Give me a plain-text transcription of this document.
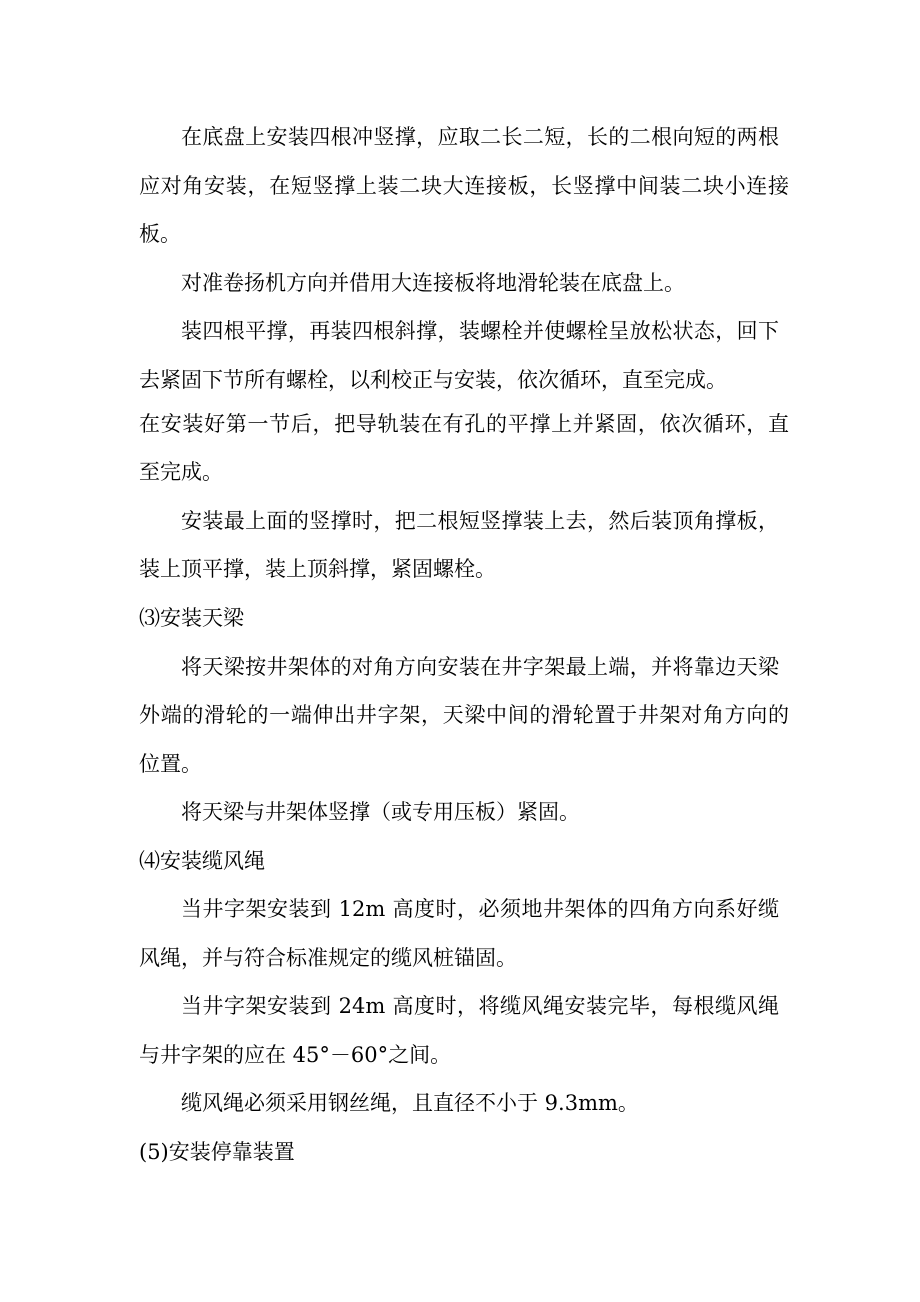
在底盘上安装四根冲竖撑，应取二长二短，长的二根向短的两根
应对角安装，在短竖撑上装二块大连接板，长竖撑中间装二块小连接
板。
对准卷扬机方向并借用大连接板将地滑轮装在底盘上。
装四根平撑，再装四根斜撑，装螺栓并使螺栓呈放松状态，回下
去紧固下节所有螺栓，以利校正与安装，依次循环，直至完成。
在安装好第一节后，把导轨装在有孔的平撑上并紧固，依次循环，直
至完成。
安装最上面的竖撑时，把二根短竖撑装上去，然后装顶角撑板，
装上顶平撑，装上顶斜撑，紧固螺栓。
⑶安装天梁
将天梁按井架体的对角方向安装在井字架最上端，并将靠边天梁
外端的滑轮的一端伸出井字架，天梁中间的滑轮置于井架对角方向的
位置。
将天梁与井架体竖撑（或专用压板）紧固。
⑷安装缆风绳
当井字架安装到 12m 高度时，必须地井架体的四角方向系好缆
风绳，并与符合标准规定的缆风桩锚固。
当井字架安装到 24m 高度时，将缆风绳安装完毕，每根缆风绳
与井字架的应在 45°－60°之间。
缆风绳必须采用钢丝绳，且直径不小于 9.3mm。
(5)安装停靠装置
